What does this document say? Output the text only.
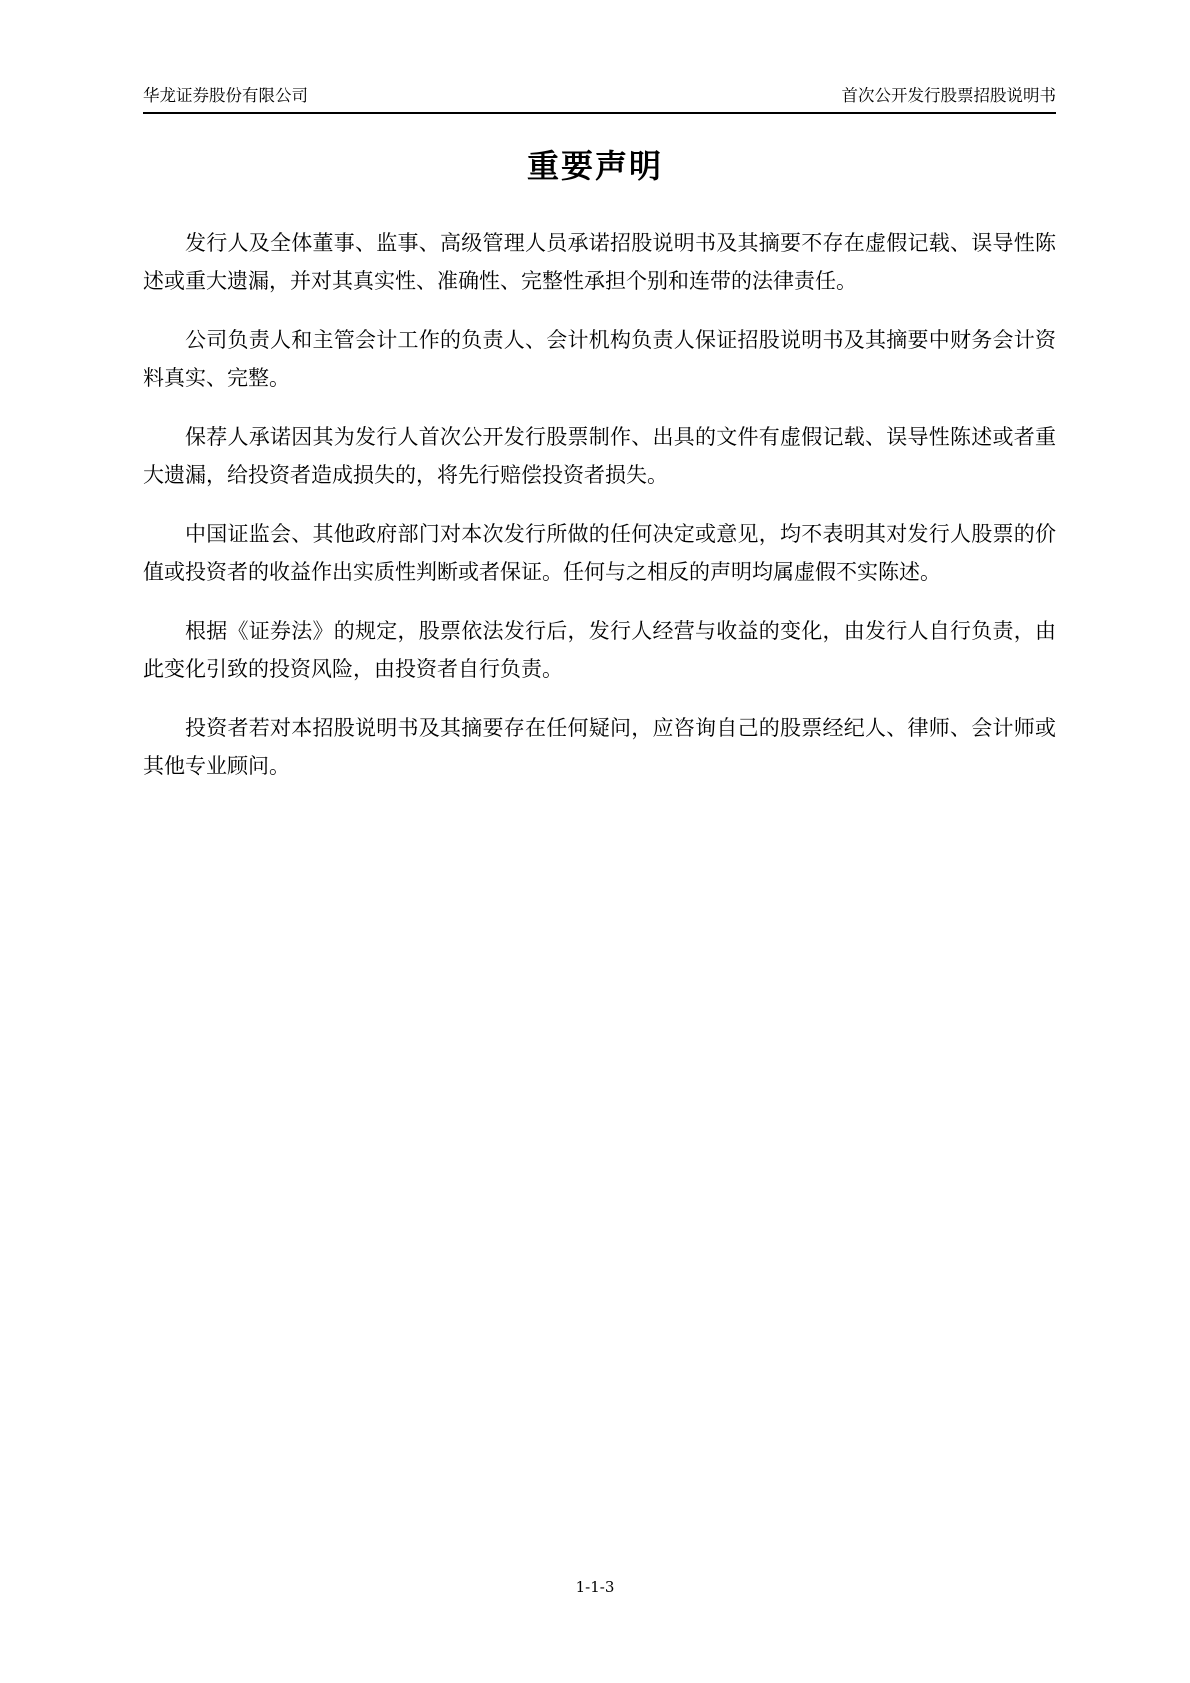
华龙证券股份有限公司	首次公开发行股票招股说明书
重要声明

发行人及全体董事、监事、高级管理人员承诺招股说明书及其摘要不存在虚假记载、误导性陈述或重大遗漏，并对其真实性、准确性、完整性承担个别和连带的法律责任。

公司负责人和主管会计工作的负责人、会计机构负责人保证招股说明书及其摘要中财务会计资料真实、完整。

保荐人承诺因其为发行人首次公开发行股票制作、出具的文件有虚假记载、误导性陈述或者重大遗漏，给投资者造成损失的，将先行赔偿投资者损失。

中国证监会、其他政府部门对本次发行所做的任何决定或意见，均不表明其对发行人股票的价值或投资者的收益作出实质性判断或者保证。任何与之相反的声明均属虚假不实陈述。

根据《证券法》的规定，股票依法发行后，发行人经营与收益的变化，由发行人自行负责，由此变化引致的投资风险，由投资者自行负责。

投资者若对本招股说明书及其摘要存在任何疑问，应咨询自己的股票经纪人、律师、会计师或其他专业顾问。

1-1-3
